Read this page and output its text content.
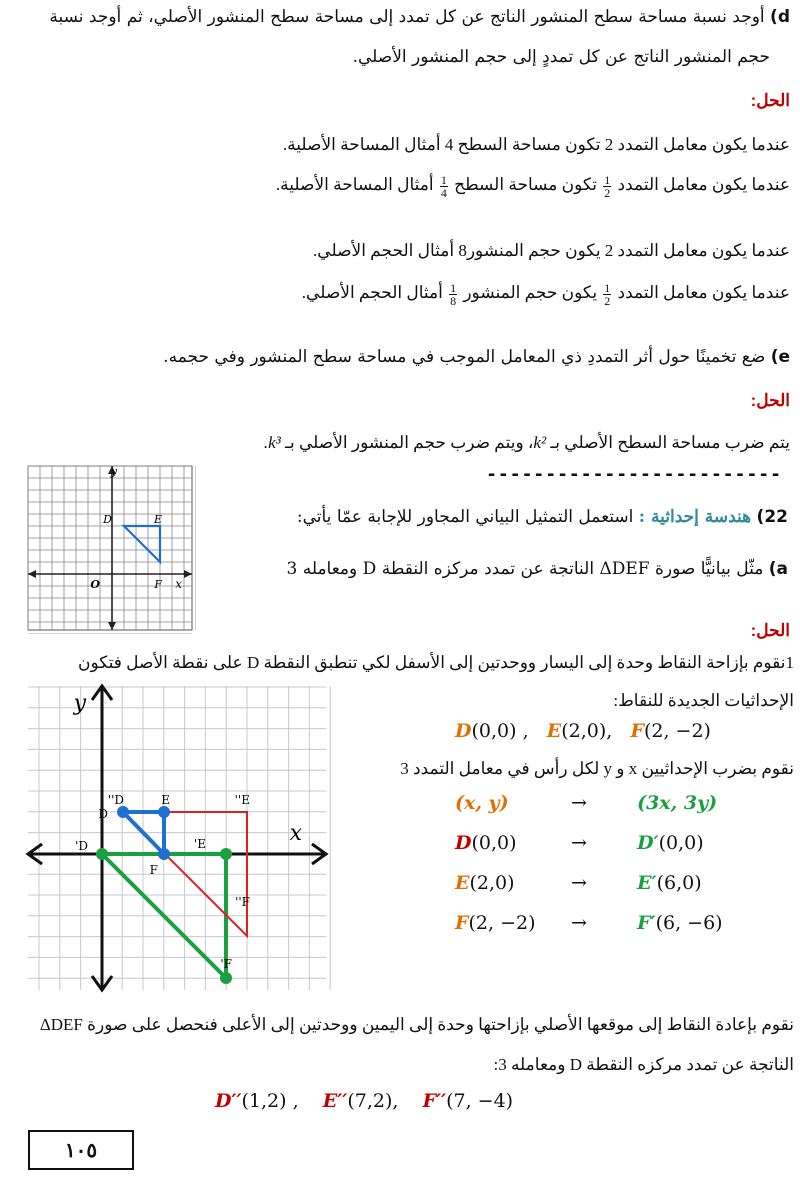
d) أوجد نسبة مساحة سطح المنشور الناتج عن كل تمدد إلى مساحة سطح المنشور الأصلي، ثم أوجد نسبة
حجم المنشور الناتج عن كل تمددٍ إلى حجم المنشور الأصلي.
الحل:
عندما يكون معامل التمدد 2 تكون مساحة السطح 4 أمثال المساحة الأصلية.
عندما يكون معامل التمدد
$\frac{1}{2}$
تكون مساحة السطح
$\frac{1}{4}$
أمثال المساحة الأصلية.
عندما يكون معامل التمدد 2 يكون حجم المنشور8 أمثال الحجم الأصلي.
عندما يكون معامل التمدد
$\frac{1}{2}$
يكون حجم المنشور
$\frac{1}{8}$
أمثال الحجم الأصلي.
e) ضع تخمينًا حول أثر التمددِ ذي المعامل الموجب في مساحة سطح المنشور وفي حجمه.
الحل:
يتم ضرب مساحة السطح الأصلي بـ k²، ويتم ضرب حجم المنشور الأصلي بـ k³.
-------------------------
22) هندسة إحداثية : استعمل التمثيل البياني المجاور للإجابة عمّا يأتي:
a) مثّل بيانيًّا صورة ΔDEF الناتجة عن تمدد مركزه النقطة D ومعامله 3
y
x
O
D	E
F
الحل:
1نقوم بإزاحة النقاط وحدة إلى اليسار ووحدتين إلى الأسفل لكي تنطبق النقطة D على نقطة الأصل فتكون
الإحداثيات الجديدة للنقاط:
D(0,0) , E(2,0), F(2, −2)
نقوم بضرب الإحداثيين x و y لكل رأس في معامل التمدد 3
(x, y)	→	(3x, 3y)
D(0,0)	→	D′(0,0)
E(2,0)	→	E′(6,0)
F(2, −2) →	F′(6, −6)
y
x
D''	E	E''
D
D'	E'
F
F''
F'
نقوم بإعادة النقاط إلى موقعها الأصلي بإزاحتها وحدة إلى اليمين ووحدتين إلى الأعلى فنحصل على صورة ΔDEF
الناتجة عن تمدد مركزه النقطة D ومعامله 3:
D′′(1,2) , E′′(7,2), F′′(7, −4)
١٠٥
